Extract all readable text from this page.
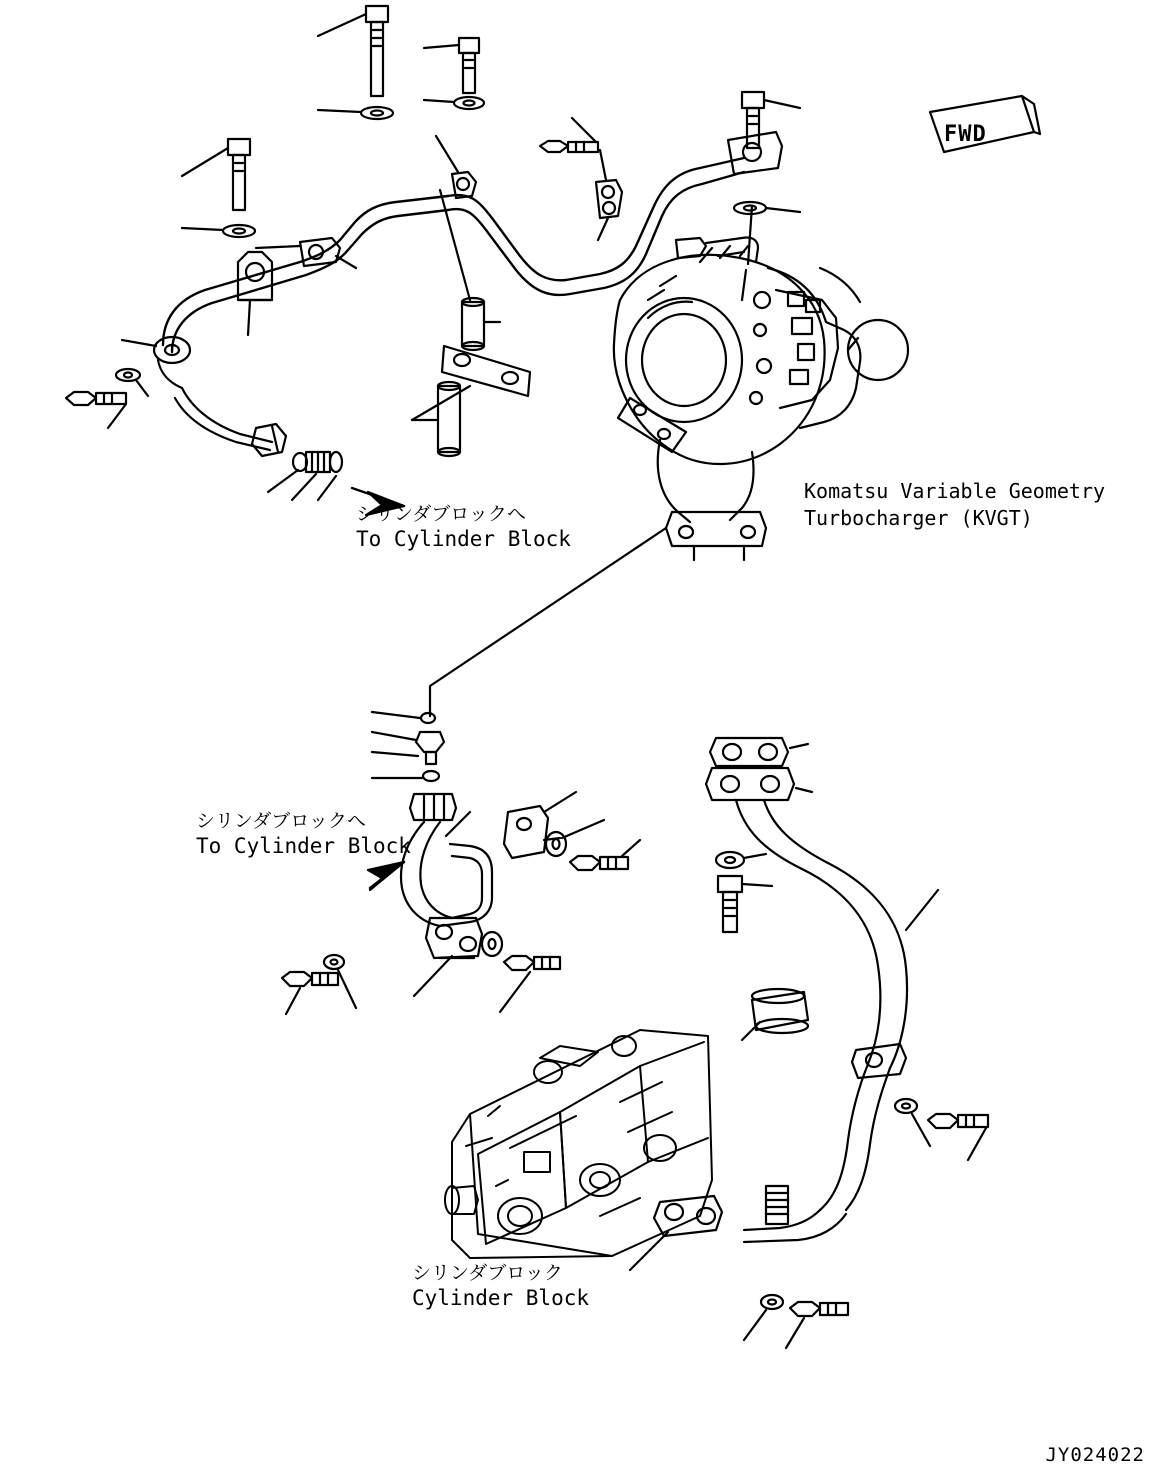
シリンダブロックへ
To Cylinder Block
シリンダブロックへ
To Cylinder Block
シリンダブロック
Cylinder Block
Komatsu Variable Geometry
Turbocharger (KVGT)
FWD
JY024022
